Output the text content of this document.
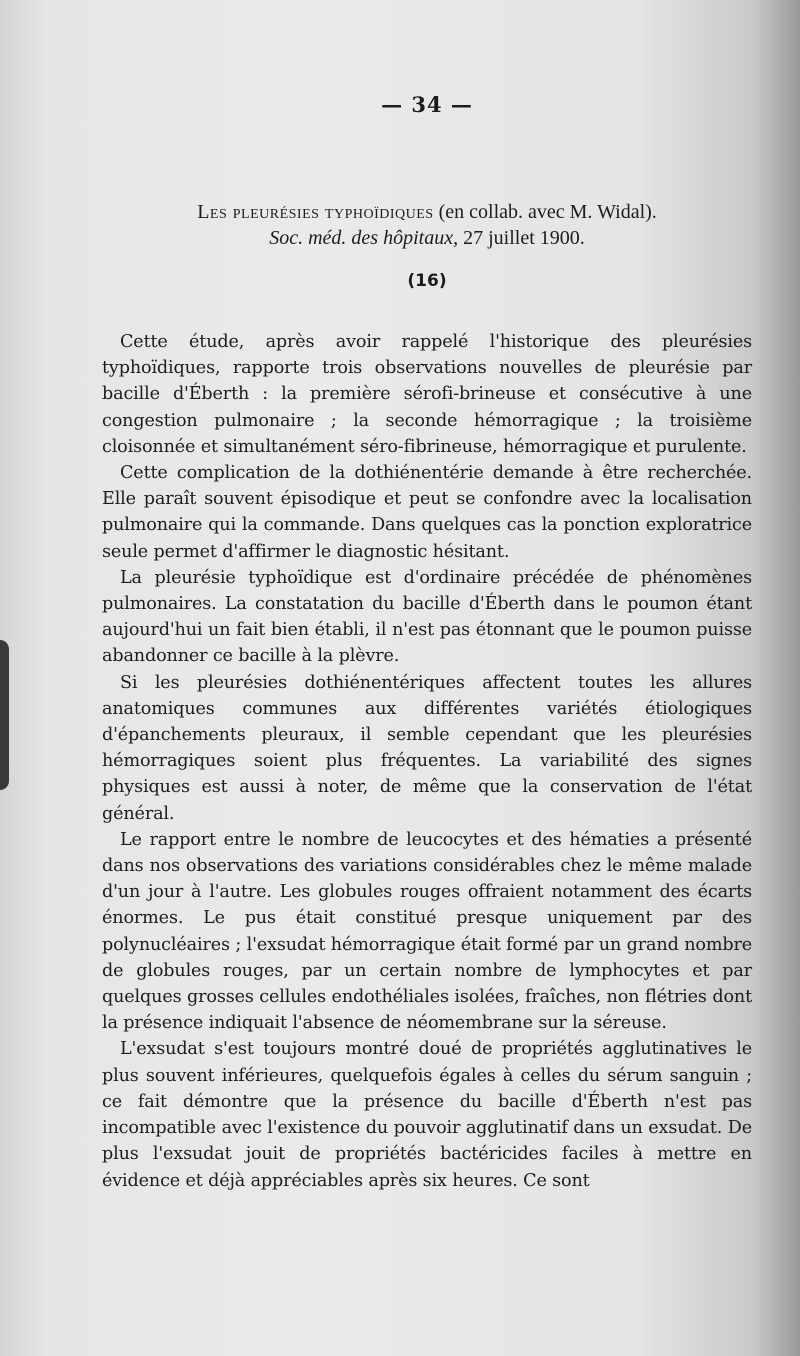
— 34 —

Les pleurésies typhoïdiques (en collab. avec M. Widal).

Soc. méd. des hôpitaux, 27 juillet 1900.

(16)

Cette étude, après avoir rappelé l'historique des pleurésies typhoïdiques, rapporte trois observations nouvelles de pleurésie par bacille d'Éberth : la première sérofi-brineuse et consécutive à une congestion pulmonaire ; la seconde hémorragique ; la troisième cloisonnée et simultanément séro-fibrineuse, hémorragique et purulente.

Cette complication de la dothiénentérie demande à être recherchée. Elle paraît souvent épisodique et peut se confondre avec la localisation pulmonaire qui la commande. Dans quelques cas la ponction exploratrice seule permet d'affirmer le diagnostic hésitant.

La pleurésie typhoïdique est d'ordinaire précédée de phénomènes pulmonaires. La constatation du bacille d'Éberth dans le poumon étant aujourd'hui un fait bien établi, il n'est pas étonnant que le poumon puisse abandonner ce bacille à la plèvre.

Si les pleurésies dothiénentériques affectent toutes les allures anatomiques communes aux différentes variétés étiologiques d'épanchements pleuraux, il semble cependant que les pleurésies hémorragiques soient plus fréquentes. La variabilité des signes physiques est aussi à noter, de même que la conservation de l'état général.

Le rapport entre le nombre de leucocytes et des hématies a présenté dans nos observations des variations considérables chez le même malade d'un jour à l'autre. Les globules rouges offraient notamment des écarts énormes. Le pus était constitué presque uniquement par des polynucléaires ; l'exsudat hémorragique était formé par un grand nombre de globules rouges, par un certain nombre de lymphocytes et par quelques grosses cellules endothéliales isolées, fraîches, non flétries dont la présence indiquait l'absence de néomembrane sur la séreuse.

L'exsudat s'est toujours montré doué de propriétés agglutinatives le plus souvent inférieures, quelquefois égales à celles du sérum sanguin ; ce fait démontre que la présence du bacille d'Éberth n'est pas incompatible avec l'existence du pouvoir agglutinatif dans un exsudat. De plus l'exsudat jouit de propriétés bactéricides faciles à mettre en évidence et déjà appréciables après six heures. Ce sont
